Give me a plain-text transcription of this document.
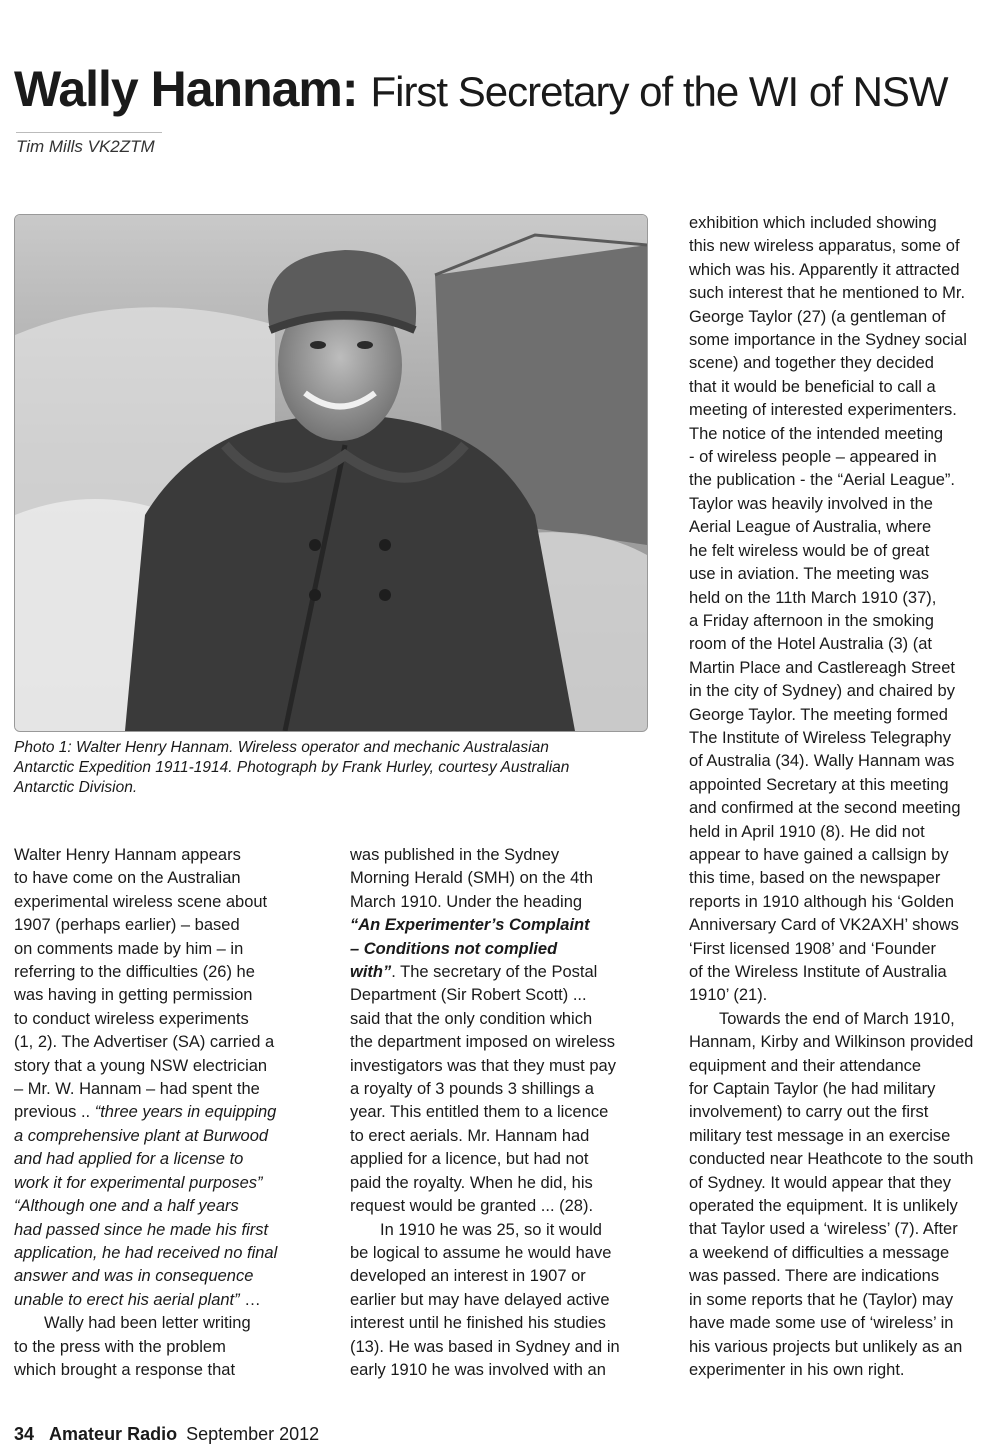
Wally Hannam: First Secretary of the WI of NSW
Tim Mills VK2ZTM

Photo 1: Walter Henry Hannam. Wireless operator and mechanic Australasian
Antarctic Expedition 1911-1914. Photograph by Frank Hurley, courtesy Australian
Antarctic Division.

Walter Henry Hannam appears
to have come on the Australian
experimental wireless scene about
1907 (perhaps earlier) – based
on comments made by him – in
referring to the difficulties (26) he
was having in getting permission
to conduct wireless experiments
(1, 2). The Advertiser (SA) carried a
story that a young NSW electrician
– Mr. W. Hannam – had spent the
previous .. “three years in equipping
a comprehensive plant at Burwood
and had applied for a license to
work it for experimental purposes”
“Although one and a half years
had passed since he made his first
application, he had received no final
answer and was in consequence
unable to erect his aerial plant” …
Wally had been letter writing
to the press with the problem
which brought a response that
was published in the Sydney
Morning Herald (SMH) on the 4th
March 1910. Under the heading
“An Experimenter’s Complaint
– Conditions not complied
with”. The secretary of the Postal
Department (Sir Robert Scott) ...
said that the only condition which
the department imposed on wireless
investigators was that they must pay
a royalty of 3 pounds 3 shillings a
year. This entitled them to a licence
to erect aerials. Mr. Hannam had
applied for a licence, but had not
paid the royalty. When he did, his
request would be granted ... (28).
In 1910 he was 25, so it would
be logical to assume he would have
developed an interest in 1907 or
earlier but may have delayed active
interest until he finished his studies
(13). He was based in Sydney and in
early 1910 he was involved with an
exhibition which included showing
this new wireless apparatus, some of
which was his. Apparently it attracted
such interest that he mentioned to Mr.
George Taylor (27) (a gentleman of
some importance in the Sydney social
scene) and together they decided
that it would be beneficial to call a
meeting of interested experimenters.
The notice of the intended meeting
- of wireless people – appeared in
the publication - the “Aerial League”.
Taylor was heavily involved in the
Aerial League of Australia, where
he felt wireless would be of great
use in aviation. The meeting was
held on the 11th March 1910 (37),
a Friday afternoon in the smoking
room of the Hotel Australia (3) (at
Martin Place and Castlereagh Street
in the city of Sydney) and chaired by
George Taylor. The meeting formed
The Institute of Wireless Telegraphy
of Australia (34). Wally Hannam was
appointed Secretary at this meeting
and confirmed at the second meeting
held in April 1910 (8). He did not
appear to have gained a callsign by
this time, based on the newspaper
reports in 1910 although his ‘Golden
Anniversary Card of VK2AXH’ shows
‘First licensed 1908’ and ‘Founder
of the Wireless Institute of Australia
1910’ (21).
Towards the end of March 1910,
Hannam, Kirby and Wilkinson provided
equipment and their attendance
for Captain Taylor (he had military
involvement) to carry out the first
military test message in an exercise
conducted near Heathcote to the south
of Sydney. It would appear that they
operated the equipment. It is unlikely
that Taylor used a ‘wireless’ (7). After
a weekend of difficulties a message
was passed. There are indications
in some reports that he (Taylor) may
have made some use of ‘wireless’ in
his various projects but unlikely as an
experimenter in his own right.
34 Amateur Radio September 2012
